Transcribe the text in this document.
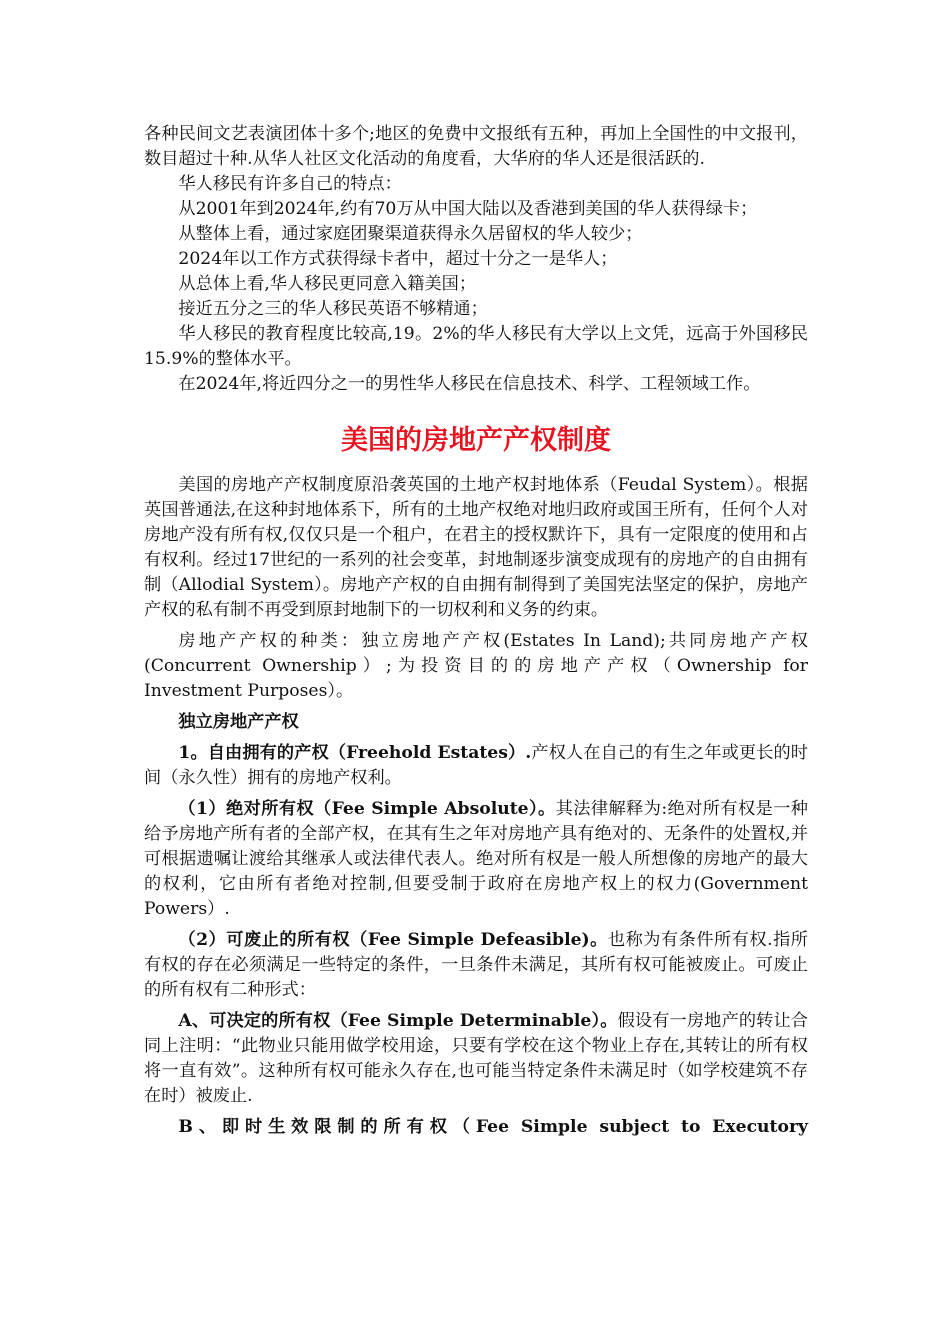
各种民间文艺表演团体十多个;地区的免费中文报纸有五种，再加上全国性的中文报刊，数目超过十种.从华人社区文化活动的角度看，大华府的华人还是很活跃的.

华人移民有许多自己的特点：

从2001年到2024年,约有70万从中国大陆以及香港到美国的华人获得绿卡；

从整体上看，通过家庭团聚渠道获得永久居留权的华人较少；

2024年以工作方式获得绿卡者中，超过十分之一是华人；

从总体上看,华人移民更同意入籍美国；

接近五分之三的华人移民英语不够精通；

华人移民的教育程度比较高,19。2%的华人移民有大学以上文凭，远高于外国移民15.9%的整体水平。

在2024年,将近四分之一的男性华人移民在信息技术、科学、工程领域工作。

美国的房地产产权制度

美国的房地产产权制度原沿袭英国的土地产权封地体系（Feudal System）。根据英国普通法,在这种封地体系下，所有的土地产权绝对地归政府或国王所有，任何个人对房地产没有所有权,仅仅只是一个租户，在君主的授权默许下，具有一定限度的使用和占有权利。经过17世纪的一系列的社会变革，封地制逐步演变成现有的房地产的自由拥有制（Allodial System）。房地产产权的自由拥有制得到了美国宪法坚定的保护，房地产产权的私有制不再受到原封地制下的一切权利和义务的约束。

房地产产权的种类：独立房地产产权(Estates In Land);共同房地产产权(Concurrent Ownership）;为投资目的的房地产产权（Ownership for Investment Purposes）。

独立房地产产权

1。自由拥有的产权（Freehold Estates）.产权人在自己的有生之年或更长的时间（永久性）拥有的房地产权利。

（1）绝对所有权（Fee Simple Absolute）。其法律解释为:绝对所有权是一种给予房地产所有者的全部产权，在其有生之年对房地产具有绝对的、无条件的处置权,并可根据遗嘱让渡给其继承人或法律代表人。绝对所有权是一般人所想像的房地产的最大的权利，它由所有者绝对控制,但要受制于政府在房地产权上的权力(Government Powers）.

（2）可废止的所有权（Fee Simple Defeasible)。也称为有条件所有权.指所有权的存在必须满足一些特定的条件，一旦条件未满足，其所有权可能被废止。可废止的所有权有二种形式：

A、可决定的所有权（Fee Simple Determinable）。假设有一房地产的转让合同上注明：“此物业只能用做学校用途，只要有学校在这个物业上存在,其转让的所有权将一直有效”。这种所有权可能永久存在,也可能当特定条件未满足时（如学校建筑不存在时）被废止.

B、即时生效限制的所有权（Fee Simple subject to Executory
